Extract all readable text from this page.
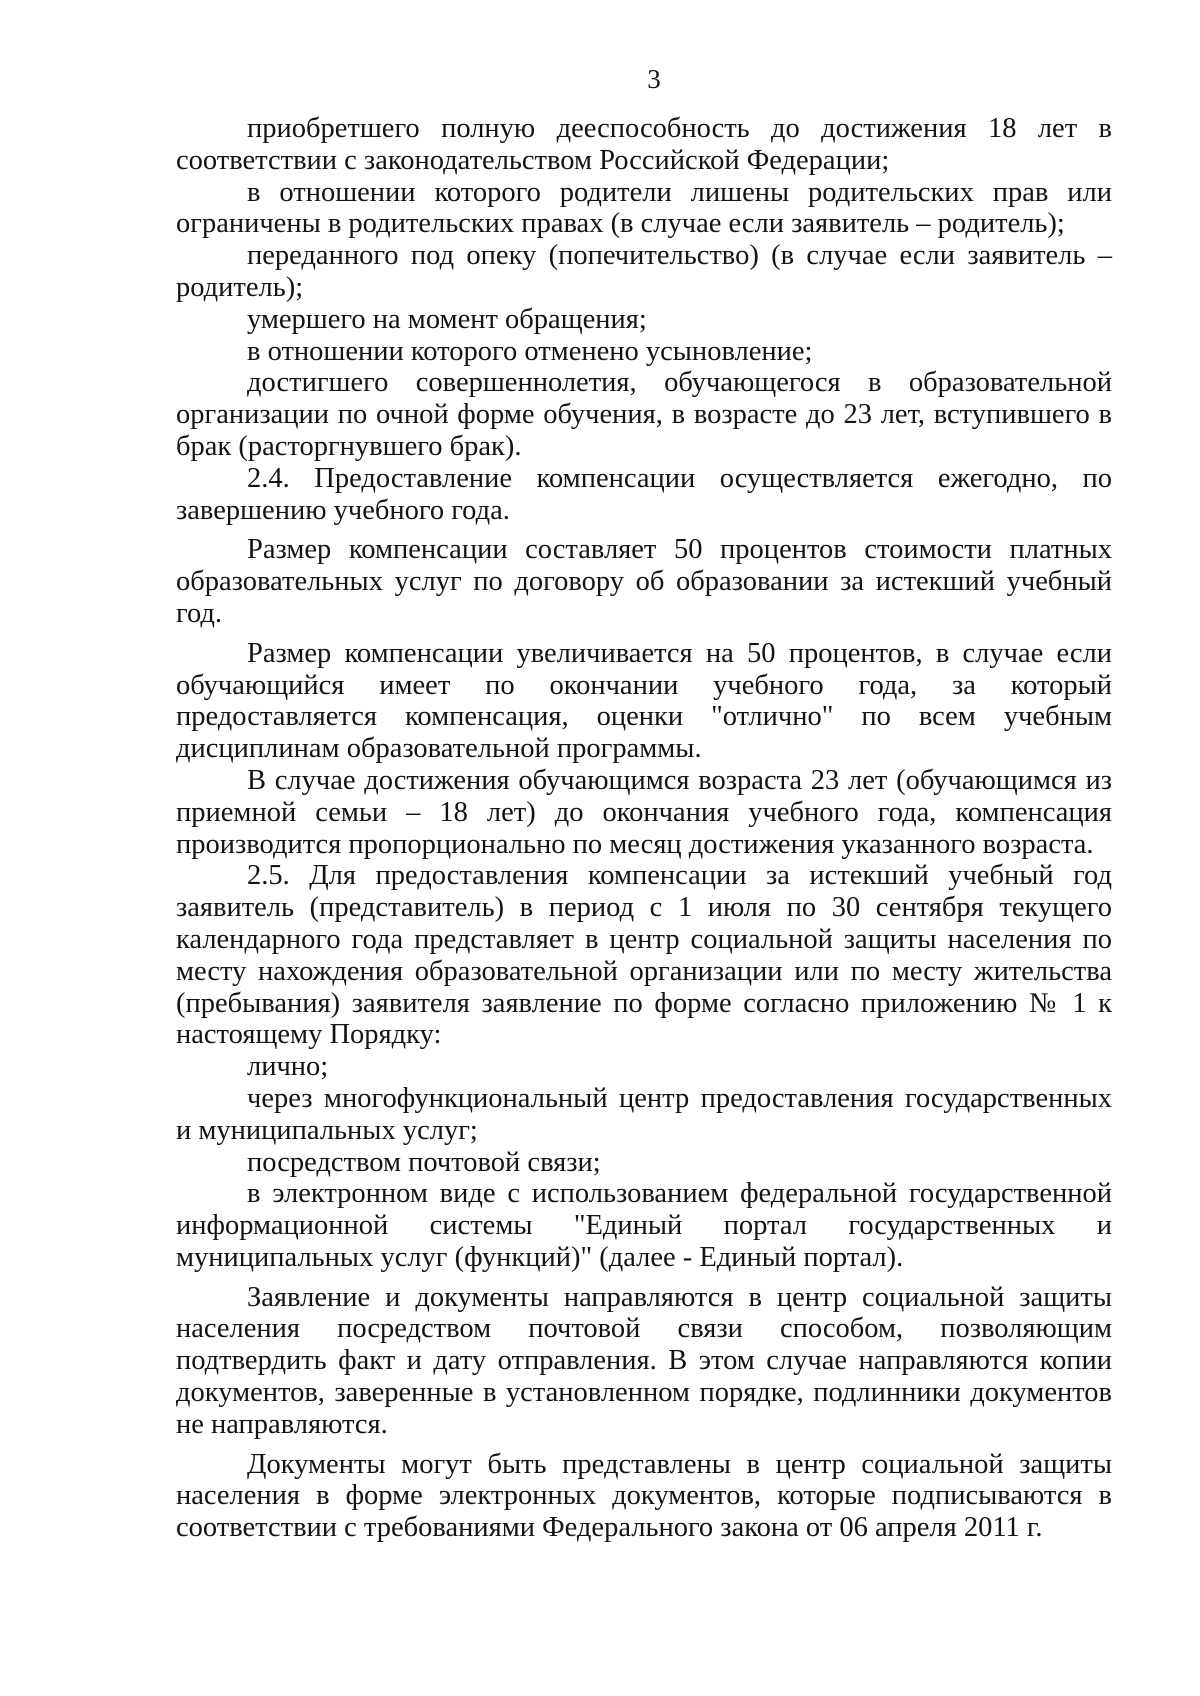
3

приобретшего полную дееспособность до достижения 18 лет в соответствии с законодательством Российской Федерации;

в отношении которого родители лишены родительских прав или ограничены в родительских правах (в случае если заявитель – родитель);

переданного под опеку (попечительство) (в случае если заявитель – родитель);

умершего на момент обращения;

в отношении которого отменено усыновление;

достигшего совершеннолетия, обучающегося в образовательной организации по очной форме обучения, в возрасте до 23 лет, вступившего в брак (расторгнувшего брак).

2.4. Предоставление компенсации осуществляется ежегодно, по завершению учебного года.

Размер компенсации составляет 50 процентов стоимости платных образовательных услуг по договору об образовании за истекший учебный год.

Размер компенсации увеличивается на 50 процентов, в случае если обучающийся имеет по окончании учебного года, за который предоставляется компенсация, оценки "отлично" по всем учебным дисциплинам образовательной программы.

В случае достижения обучающимся возраста 23 лет (обучающимся из приемной семьи – 18 лет) до окончания учебного года, компенсация производится пропорционально по месяц достижения указанного возраста.

2.5. Для предоставления компенсации за истекший учебный год заявитель (представитель) в период с 1 июля по 30 сентября текущего календарного года представляет в центр социальной защиты населения по месту нахождения образовательной организации или по месту жительства (пребывания) заявителя заявление по форме согласно приложению № 1 к настоящему Порядку:

лично;

через многофункциональный центр предоставления государственных и муниципальных услуг;

посредством почтовой связи;

в электронном виде с использованием федеральной государственной информационной системы "Единый портал государственных и муниципальных услуг (функций)" (далее - Единый портал).

Заявление и документы направляются в центр социальной защиты населения посредством почтовой связи способом, позволяющим подтвердить факт и дату отправления. В этом случае направляются копии документов, заверенные в установленном порядке, подлинники документов не направляются.

Документы могут быть представлены в центр социальной защиты населения в форме электронных документов, которые подписываются в соответствии с требованиями Федерального закона от 06 апреля 2011 г.
